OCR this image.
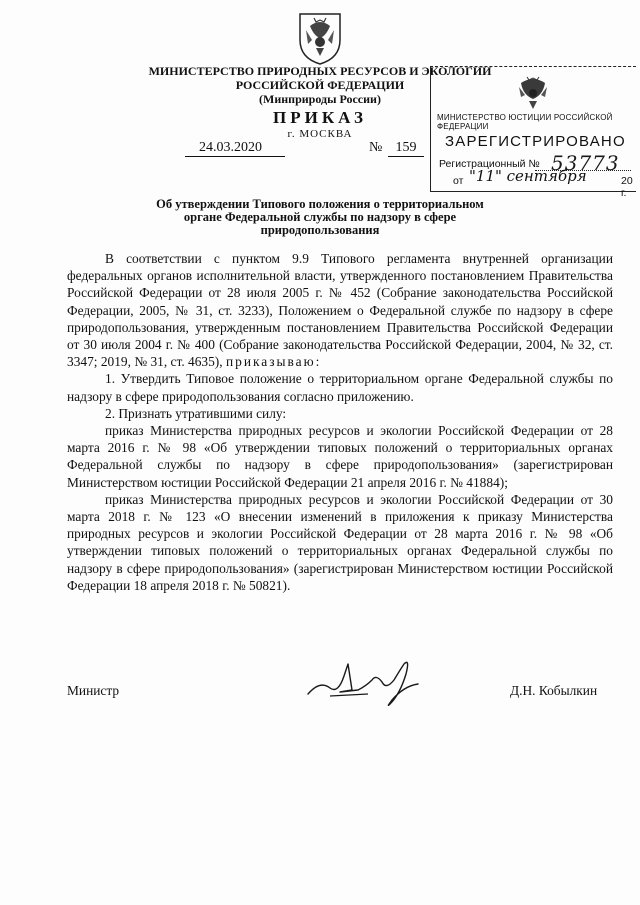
МИНИСТЕРСТВО ПРИРОДНЫХ РЕСУРСОВ И ЭКОЛОГИИ
РОССИЙСКОЙ ФЕДЕРАЦИИ
(Минприроды России)
ПРИКАЗ
г. МОСКВА
24.03.2020	№ 159
МИНИСТЕРСТВО ЮСТИЦИИ РОССИЙСКОЙ ФЕДЕРАЦИИ
ЗАРЕГИСТРИРОВАНО
Регистрационный № 53773
от "11" сентября	20 г.
Об утверждении Типового положения о территориальном
органе Федеральной службы по надзору в сфере
природопользования

В соответствии с пунктом 9.9 Типового регламента внутренней организации федеральных органов исполнительной власти, утвержденного постановлением Правительства Российской Федерации от 28 июля 2005 г. № 452 (Собрание законодательства Российской Федерации, 2005, № 31, ст. 3233), Положением о Федеральной службе по надзору в сфере природопользования, утвержденным постановлением Правительства Российской Федерации от 30 июля 2004 г. № 400 (Собрание законодательства Российской Федерации, 2004, № 32, ст. 3347; 2019, № 31, ст. 4635), приказываю:

1. Утвердить Типовое положение о территориальном органе Федеральной службы по надзору в сфере природопользования согласно приложению.

2. Признать утратившими силу:

приказ Министерства природных ресурсов и экологии Российской Федерации от 28 марта 2016 г. № 98 «Об утверждении типовых положений о территориальных органах Федеральной службы по надзору в сфере природопользования» (зарегистрирован Министерством юстиции Российской Федерации 21 апреля 2016 г. № 41884);

приказ Министерства природных ресурсов и экологии Российской Федерации от 30 марта 2018 г. № 123 «О внесении изменений в приложения к приказу Министерства природных ресурсов и экологии Российской Федерации от 28 марта 2016 г. № 98 «Об утверждении типовых положений о территориальных органах Федеральной службы по надзору в сфере природопользования» (зарегистрирован Министерством юстиции Российской Федерации 18 апреля 2018 г. № 50821).

Министр	Д.Н. Кобылкин
